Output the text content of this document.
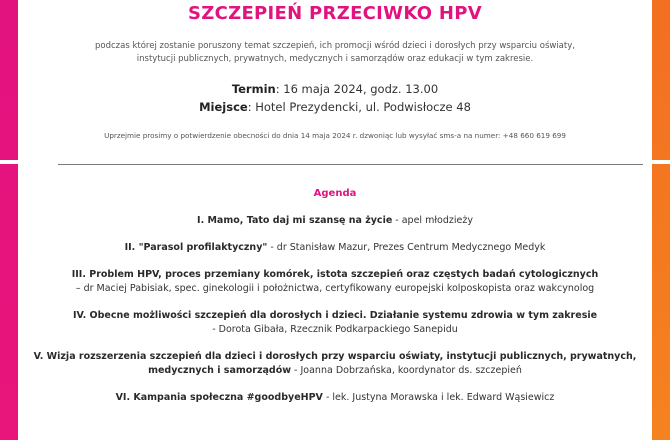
SZCZEPIEŃ PRZECIWKO HPV
podczas której zostanie poruszony temat szczepień, ich promocji wśród dzieci i dorosłych przy wsparciu oświaty, instytucji publicznych, prywatnych, medycznych i samorządów oraz edukacji w tym zakresie.
Termin: 16 maja 2024, godz. 13.00
Miejsce: Hotel Prezydencki, ul. Podwisłocze 48
Uprzejmie prosimy o potwierdzenie obecności do dnia 14 maja 2024 r. dzwoniąc lub wysyłać sms-a na numer: +48 660 619 699
Agenda
I. Mamo, Tato daj mi szansę na życie - apel młodzieży
II. "Parasol profilaktyczny" - dr Stanisław Mazur, Prezes Centrum Medycznego Medyk
III. Problem HPV, proces przemiany komórek, istota szczepień oraz częstych badań cytologicznych
– dr Maciej Pabisiak, spec. ginekologii i położnictwa, certyfikowany europejski kolposkopista oraz wakcynolog
IV. Obecne możliwości szczepień dla dorosłych i dzieci. Działanie systemu zdrowia w tym zakresie
- Dorota Gibała, Rzecznik Podkarpackiego Sanepidu
V. Wizja rozszerzenia szczepień dla dzieci i dorosłych przy wsparciu oświaty, instytucji publicznych, prywatnych, medycznych i samorządów - Joanna Dobrzańska, koordynator ds. szczepień
VI. Kampania społeczna #goodbyeHPV - lek. Justyna Morawska i lek. Edward Wąsiewicz
